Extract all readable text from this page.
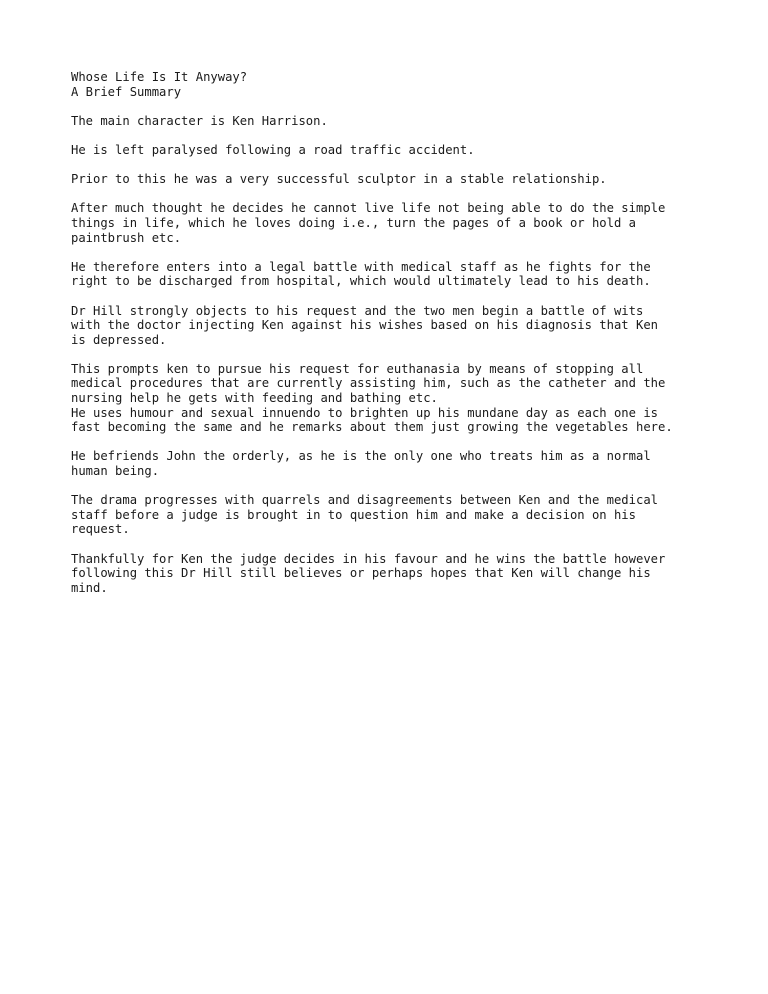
Whose Life Is It Anyway?

A Brief Summary

The main character is Ken Harrison.

He is left paralysed following a road traffic accident.

Prior to this he was a very successful sculptor in a stable relationship.

After much thought he decides he cannot live life not being able to do the simple
things in life, which he loves doing i.e., turn the pages of a book or hold a
paintbrush etc.

He therefore enters into a legal battle with medical staff as he fights for the
right to be discharged from hospital, which would ultimately lead to his death.

Dr Hill strongly objects to his request and the two men begin a battle of wits
with the doctor injecting Ken against his wishes based on his diagnosis that Ken
is depressed.

This prompts ken to pursue his request for euthanasia by means of stopping all
medical procedures that are currently assisting him, such as the catheter and the
nursing help he gets with feeding and bathing etc.

He uses humour and sexual innuendo to brighten up his mundane day as each one is
fast becoming the same and he remarks about them just growing the vegetables here.

He befriends John the orderly, as he is the only one who treats him as a normal
human being.

The drama progresses with quarrels and disagreements between Ken and the medical
staff before a judge is brought in to question him and make a decision on his
request.

Thankfully for Ken the judge decides in his favour and he wins the battle however
following this Dr Hill still believes or perhaps hopes that Ken will change his
mind.
